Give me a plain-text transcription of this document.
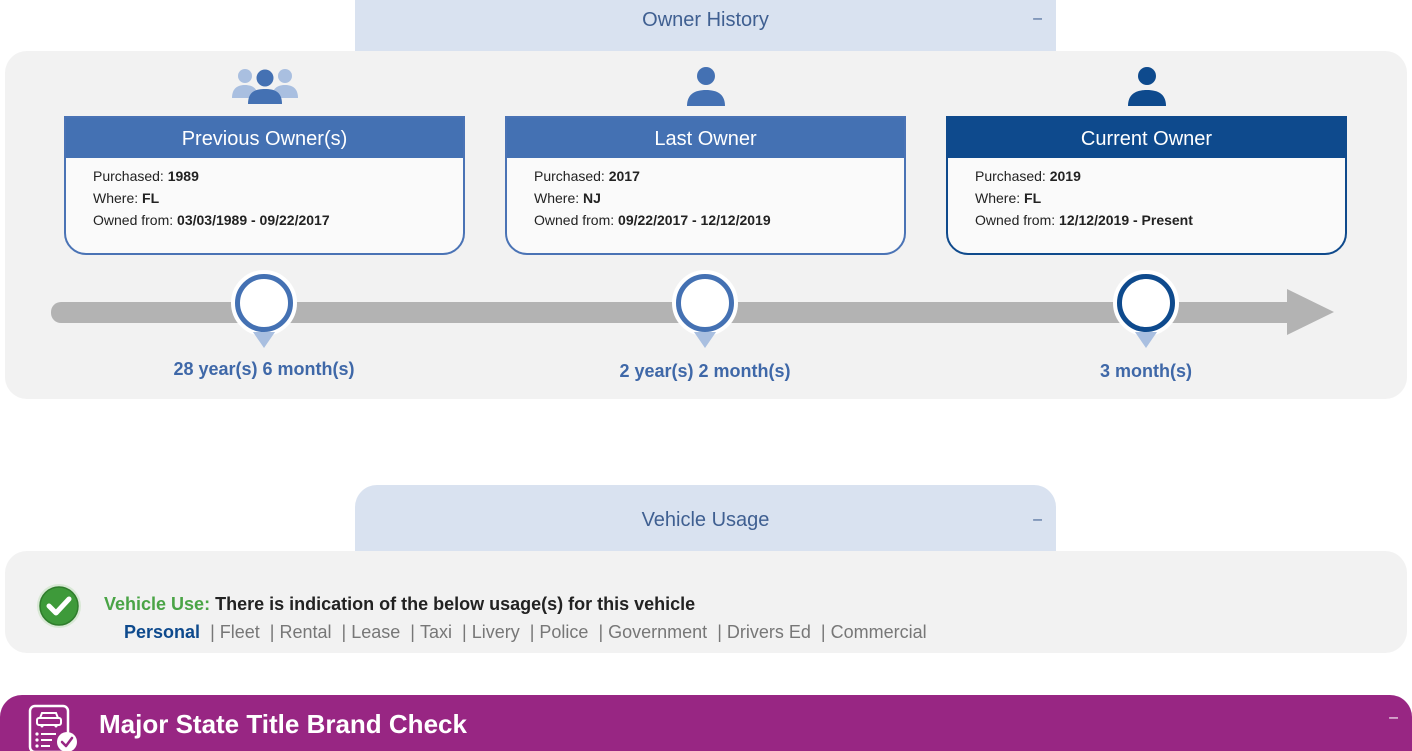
Owner History	–
Previous Owner(s)
Purchased: 1989
Where: FL
Owned from: 03/03/1989 - 09/22/2017
Last Owner
Purchased: 2017
Where: NJ
Owned from: 09/22/2017 - 12/12/2019
Current Owner
Purchased: 2019
Where: FL
Owned from: 12/12/2019 - Present
28 year(s) 6 month(s)	2 year(s) 2 month(s)	3 month(s)
Vehicle Usage	–
Vehicle Use: There is indication of the below usage(s) for this vehicle
Personal | Fleet | Rental | Lease | Taxi | Livery | Police | Government | Drivers Ed | Commercial
Major State Title Brand Check	–
